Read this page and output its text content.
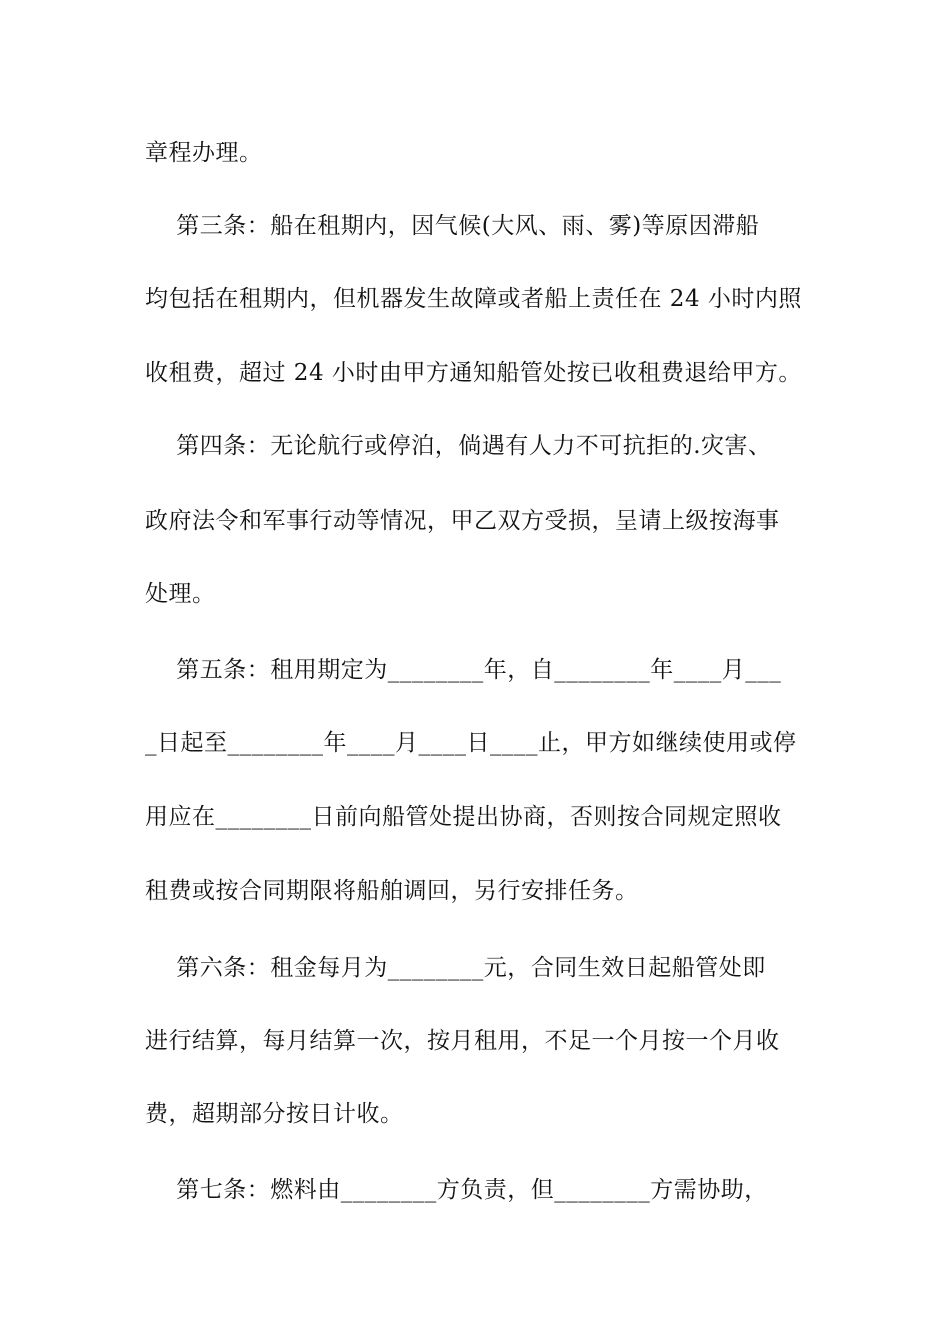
章程办理。
第三条：船在租期内，因气候(大风、雨、雾)等原因滞船
均包括在租期内，但机器发生故障或者船上责任在 24 小时内照
收租费，超过 24 小时由甲方通知船管处按已收租费退给甲方。
第四条：无论航行或停泊，倘遇有人力不可抗拒的.灾害、
政府法令和军事行动等情况，甲乙双方受损，呈请上级按海事
处理。
第五条：租用期定为________年，自________年____月___
_日起至________年____月____日____止，甲方如继续使用或停
用应在________日前向船管处提出协商，否则按合同规定照收
租费或按合同期限将船舶调回，另行安排任务。
第六条：租金每月为________元，合同生效日起船管处即
进行结算，每月结算一次，按月租用，不足一个月按一个月收
费，超期部分按日计收。
第七条：燃料由________方负责，但________方需协助，
